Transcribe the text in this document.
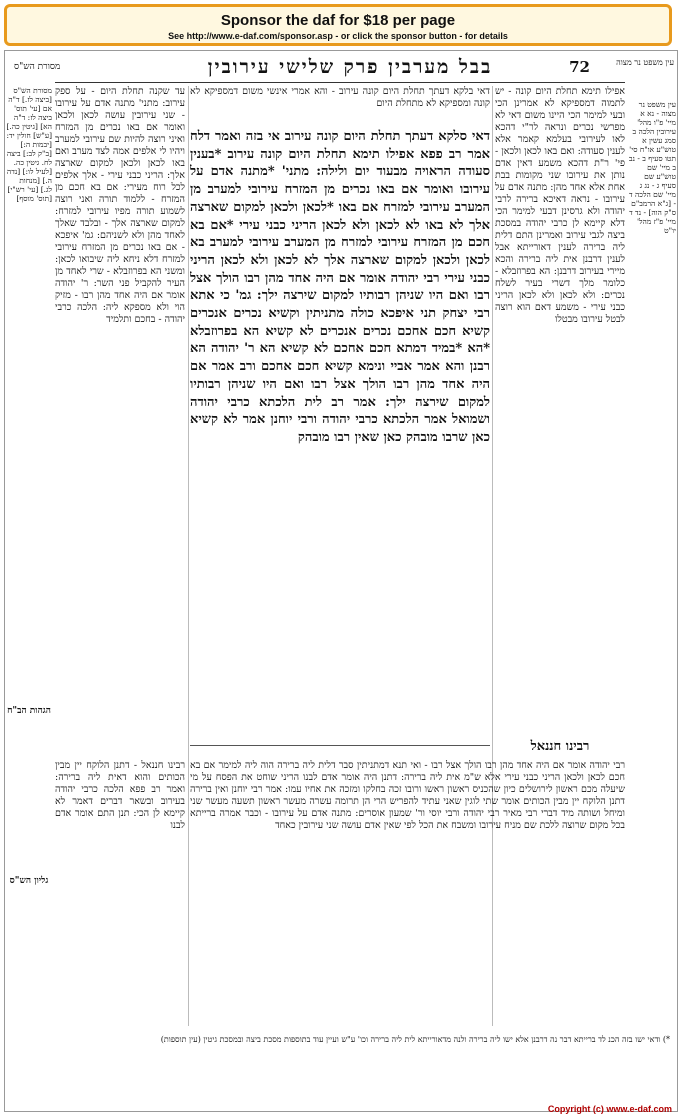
Sponsor the daf for $18 per page
See http://www.e-daf.com/sponsor.asp - or click the sponsor button - for details
72
בבל מערבין פרק שלישי עירובין
מסורת הש"ס	עין משפט נר מצוה
דאי בלקא דעתך תחלת היום קונה עירוב - והא אמרי אינשי משום דמספיקא לא קונה ומספיקא לא מתחלת היום
דאי סלקא דעתך תחלת היום קונה עירוב אי בזה ואמר דלח אמר רב פפא אפילו תימא תחלת היום קונה עירוב *בענין סעודה הראויה מבעוד יום ולילה: מתני' *מתנה אדם על עירובו ואומר אם באו נכרים מן המזרח עירובי למערב מן המערב עירובי למזרח אם באו *לכאן ולכאן למקום שארצה אלך לא באו לא לכאן ולא לכאן הריני כבני עירי *אם בא חכם מן המזרח עירובי למזרח מן המערב עירובי למערב בא לכאן ולכאן למקום שארצה אלך לא לכאן ולא לכאן הריני כבני עירי רבי יהודה אומר אם היה אחד מהן רבו הולך אצל רבו ואם היו שניהן רבותיו למקום שירצה ילך: גמ' כי אתא רבי יצחק תני איפכא כולה מתניתין וקשיא נכרים אנכרים קשיא חכם אחכם נכרים אנכרים לא קשיא הא בפרוזבלא *הא *במיד דמתא חכם אחכם לא קשיא הא ר' יהודה הא רבנן והא אמר אביי ונימא קשיא חכם אחכם ורב אמר אם היה אחד מהן רבו הולך אצל רבו ואם היו שניהן רבותיו למקום שירצה ילך: אמר רב לית הלכתא כרבי יהודה ושמואל אמר הלכתא כרבי יהודה ורבי יוחנן אמר לא קשיא כאן שרבו מובהק כאן שאין רבו מובהק
עד שקנה תחלת היום - על ספק עירוב: מתני' מתנה אדם על עירובו - שני עירובין עושה לכאן ולכאן ואומר אם באו נכרים מן המזרח ואיני רוצה להיות שם עירובי למערב ויהיו לי אלפים אמה לצד מערב ואם באו לכאן ולכאן למקום שארצה אלך: הריני כבני עירי - אלך אלפים לכל רוח מעירי: אם בא חכם מן המזרח - ללמוד תורה ואני רוצה לשמוע תורה מפיו עירובי למזרח: למקום שארצה אלך - ובלבד שאלך לאחד מהן ולא לשניהם: גמ' איפכא - אם באו נכרים מן המזרח עירובי למזרח דלא ניחא ליה שיבואו לכאן: ומשני הא בפרוזבלא - שרי לאחד מן העיר להקביל פני השר: ר' יהודה אומר אם היה אחד מהן רבו - מזיק הוי ולא מספקא ליה: הלכה כרבי יהודה - בחכם ותלמיד
אפילו תימא תחלת היום קונה - יש לתמוה דמספיקא לא אמרינן הכי ובעי למימר הכי היינו משום דאי לא מפרשי נכרים ונראה לר"י דהכא לאו לעירובי בעלמא קאמר אלא לענין סעודה: ואם באו לכאן ולכאן - פי' ר"ת דהכא משמע דאין אדם נותן את עירובו שני מקומות בבת אחת אלא אחד מהן: מתנה אדם על עירובו - נראה דאיכא ברירה לרבי יהודה ולא גרסינן דבעי למימר הכי דלא קיימא לן כרבי יהודה במסכת ביצה לגבי עירוב ואמרינן התם דלית ליה ברירה לענין דאורייתא אבל לענין דרבנן אית ליה ברירה והכא מיירי בעירוב דרבנן: הא בפרוזבלא - כלומר מלך דשרי בעיר לשלח נכרים: ולא לכאן ולא לכאן הריני כבני עירי - משמע דאם הוא רוצה לבטל עירובו מבטלו
רבינו חננאל
רבי יהודה אומר אם היה אחד מהן רבו הולך אצל רבו - ואי תנא דמתניתין סבר דלית ליה ברירה הוה ליה למימר אם בא חכם לכאן ולכאן הריני כבני עירי אלא ש"מ אית ליה ברירה: דתנן היה אומר אדם לבנו הריני שוחט את הפסח על מי שיעלה מכם ראשון לירושלים כיון שהכניס ראשון ראשו ורובו זכה בחלקו ומזכה את אחיו עמו: אמר רבי יוחנן ואין ברירה דתנן הלוקח יין מבין הכותים אומר שתי לוגין שאני עתיד להפריש הרי הן תרומה עשרה מעשר ראשון תשעה מעשר שני ומיחל ושותה מיד דברי רבי מאיר רבי יהודה ורבי יוסי ור' שמעון אוסרים: מתנה אדם על עירובו - וכבר אמרה ברייתא בכל מקום שרוצה ללכת שם מניח עירובו ומשבח את הכל לפי שאין אדם עושה שני עירובין כאחד
רבינו חננאל - דתנן הלוקח יין מבין הכותים והוא דאית ליה ברירה: ואמר רב פפא הלכה כרבי יהודה בעירוב ובשאר דברים דאמר לא קיימא לן הכי: תנן התם אומר אדם לבנו
*) ודאי ישו בזה הכנ לד ברייתא דבר נה דרבנן אלא ישו ליה ברירה ולנה מדאורייתא לית ליה ברירה וכו' ע"ש ועיין עוד בתוספות מסכת ביצה ובמסכת גיטין (עין תוספות)
מסורת הש"ס [ביצה לז.] ד"ה אם [עי' תוס' ביצה לז: ד"ה הא] [גיטין כה.] [ע"ש] חולין יד: [יבמות ה:] [ב"ק לב:] ביצה לח. גיטין כה. [לעיל לו:] [נדה ה.] [מנחות לג.] [עי' רש"י] [תוס' מוסף]
עין משפט נר מצוה - נא א מיי' פ"ו מהל' עירובין הלכה ב סמג עשין א טוש"ע או"ח סי' תטו סעיף ב - נב ב מיי' שם טוש"ע שם סעיף ג - נג ג מיי' שם הלכה ד - [ג"א הרמב"ם ס"ק הוה] - נד ד מיי' פ"ז מהל' יו"ט
הגהות הב"ח
גליון הש"ס
Copyright (c) www.e-daf.com
